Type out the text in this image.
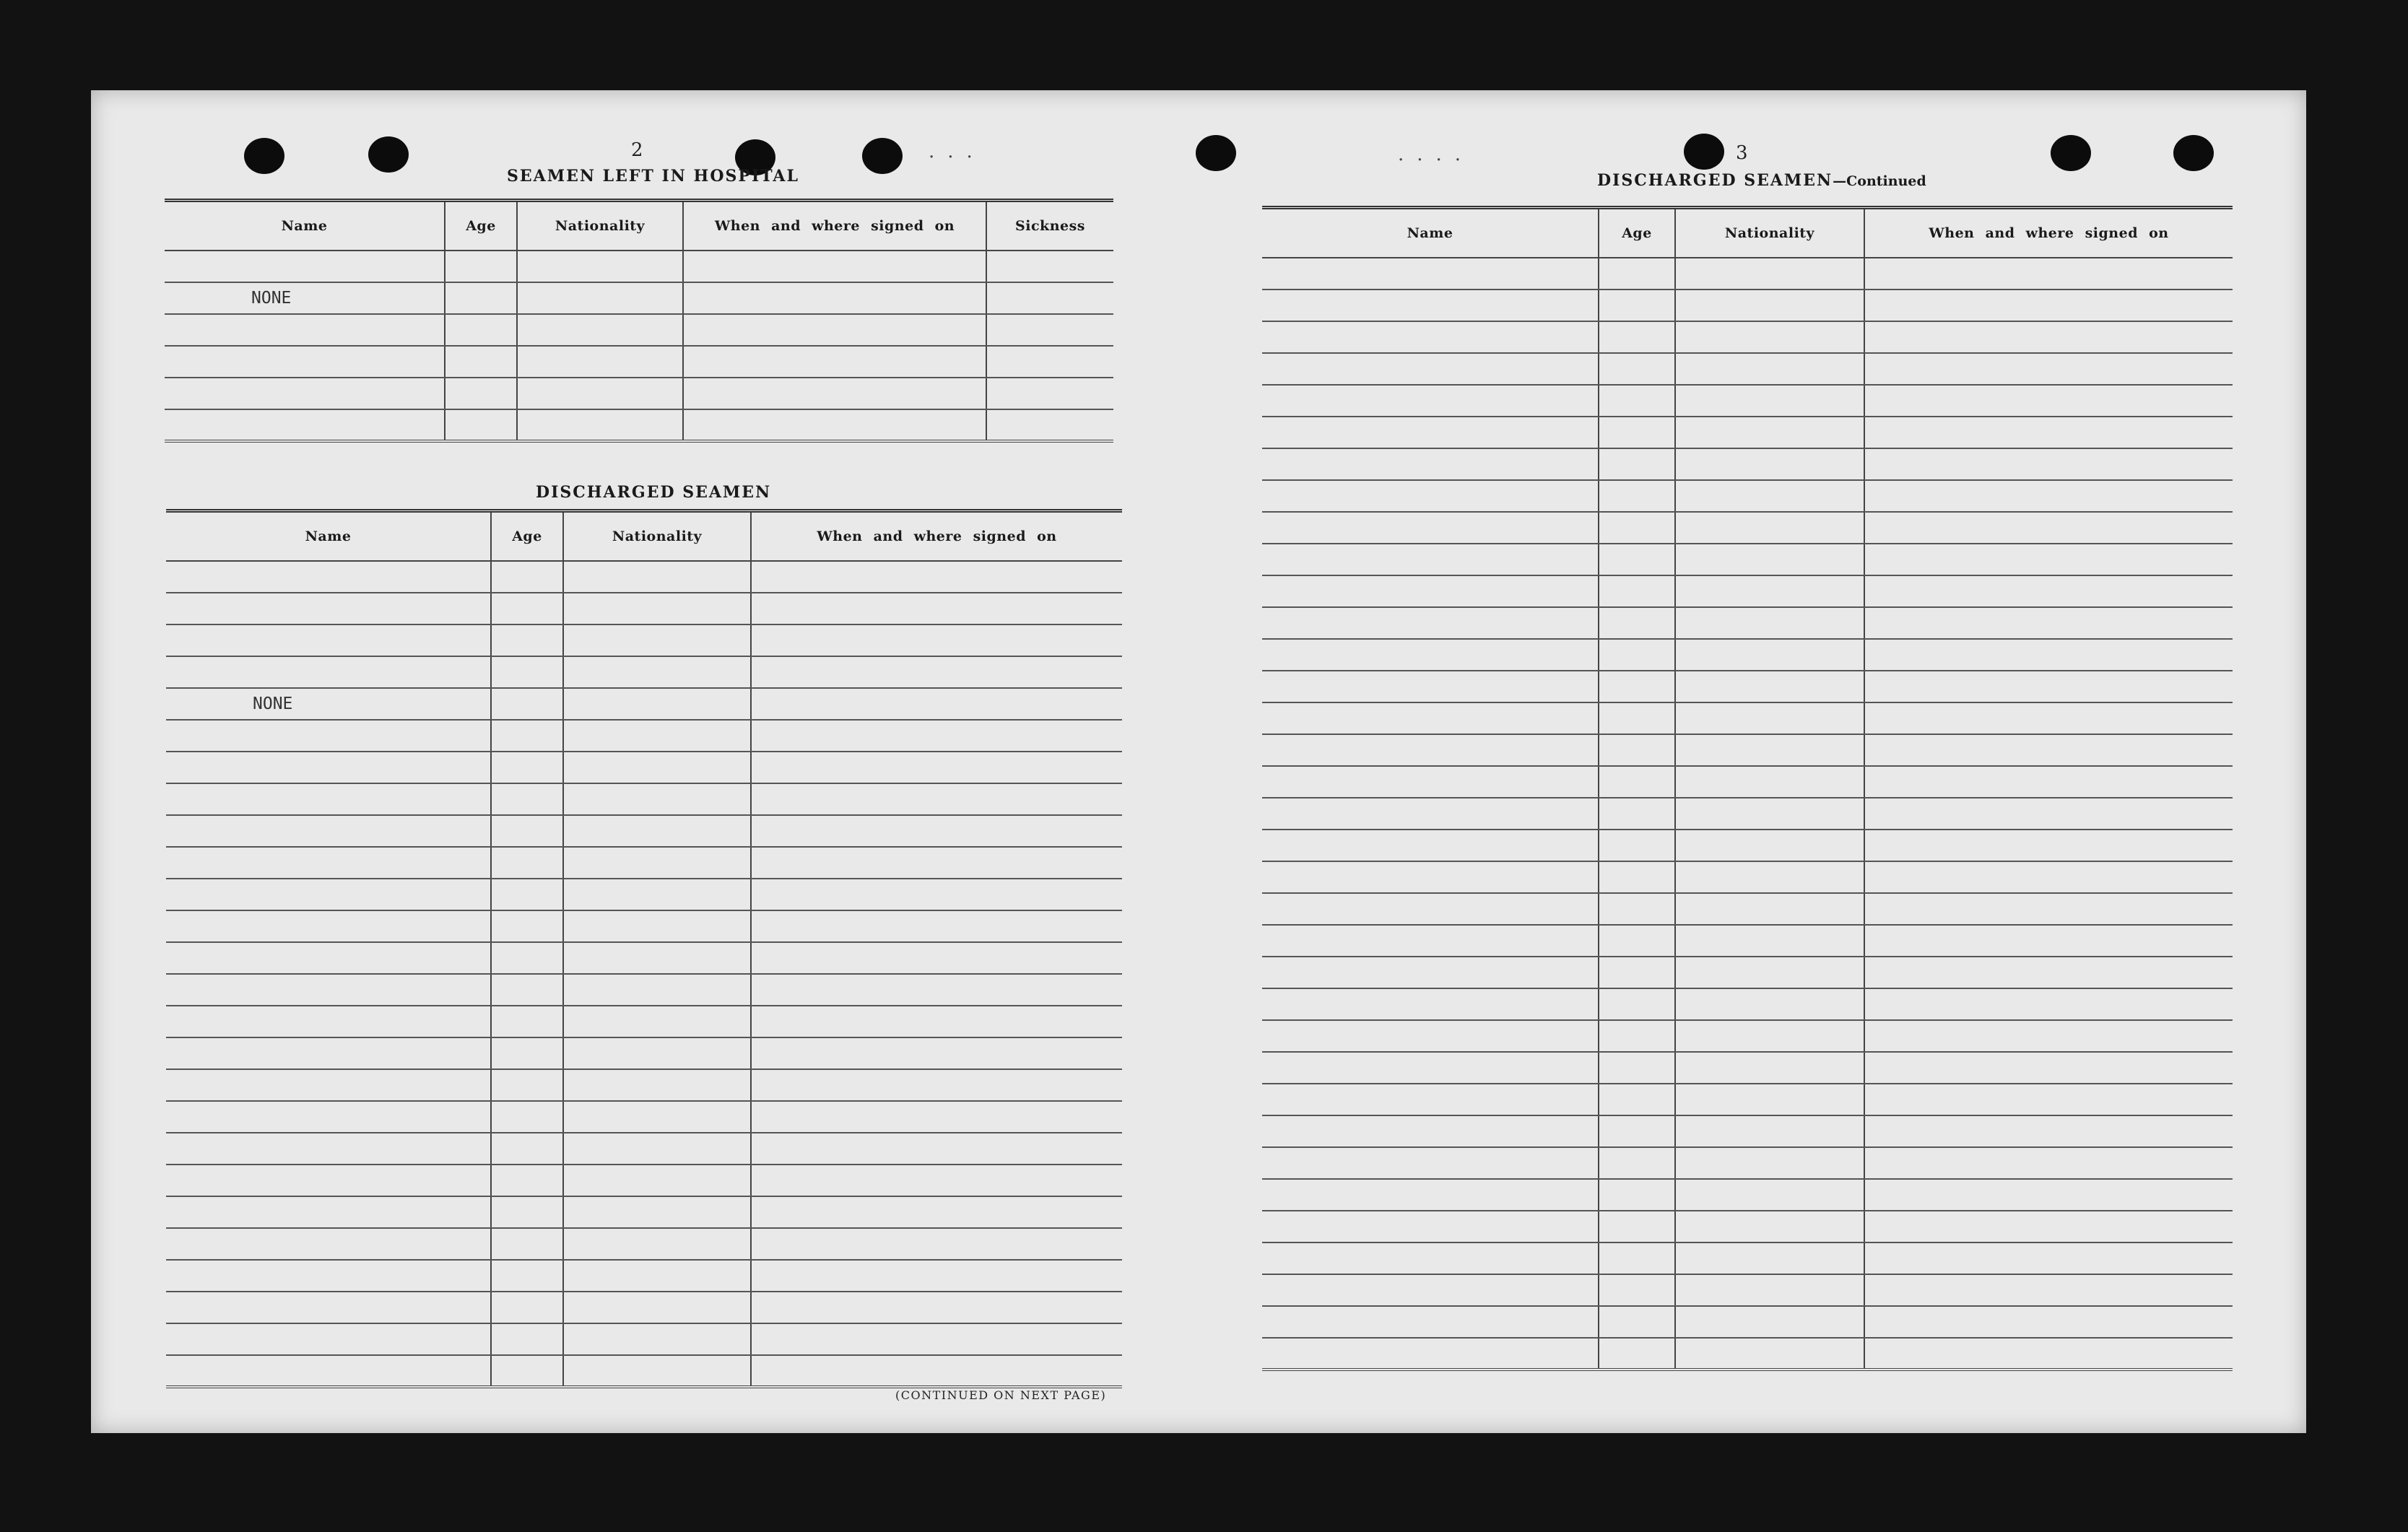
...	....
2
SEAMEN LEFT IN HOSPITAL
Name	Age	Nationality	When and where signed on	Sickness

NONE				

DISCHARGED SEAMEN
Name	Age	Nationality	When and where signed on

NONE			

(CONTINUED ON NEXT PAGE)
3
DISCHARGED SEAMEN—Continued
Name	Age	Nationality	When and where signed on
